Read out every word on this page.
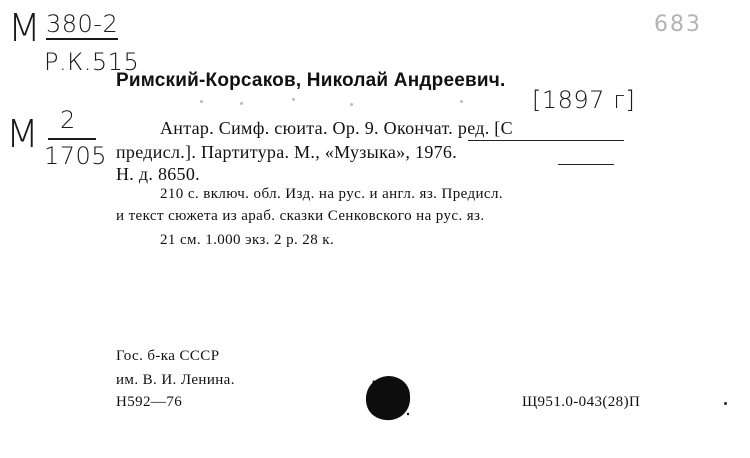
М 380-2
Р.К.515
М 2
1705
[1897 г]
683
Римский-Корсаков, Николай Андреевич.
Антар. Симф. сюита. Ор. 9. Окончат. ред. [С
предисл.]. Партитура. М., «Музыка», 1976.
Н. д. 8650.
210 с. включ. обл. Изд. на рус. и англ. яз. Предисл.
и текст сюжета из араб. сказки Сенковского на рус. яз.
21 см. 1.000 экз. 2 р. 28 к.
Гос. б-ка СССР
им. В. И. Ленина.
Н592—76	Щ951.0-043(28)П
